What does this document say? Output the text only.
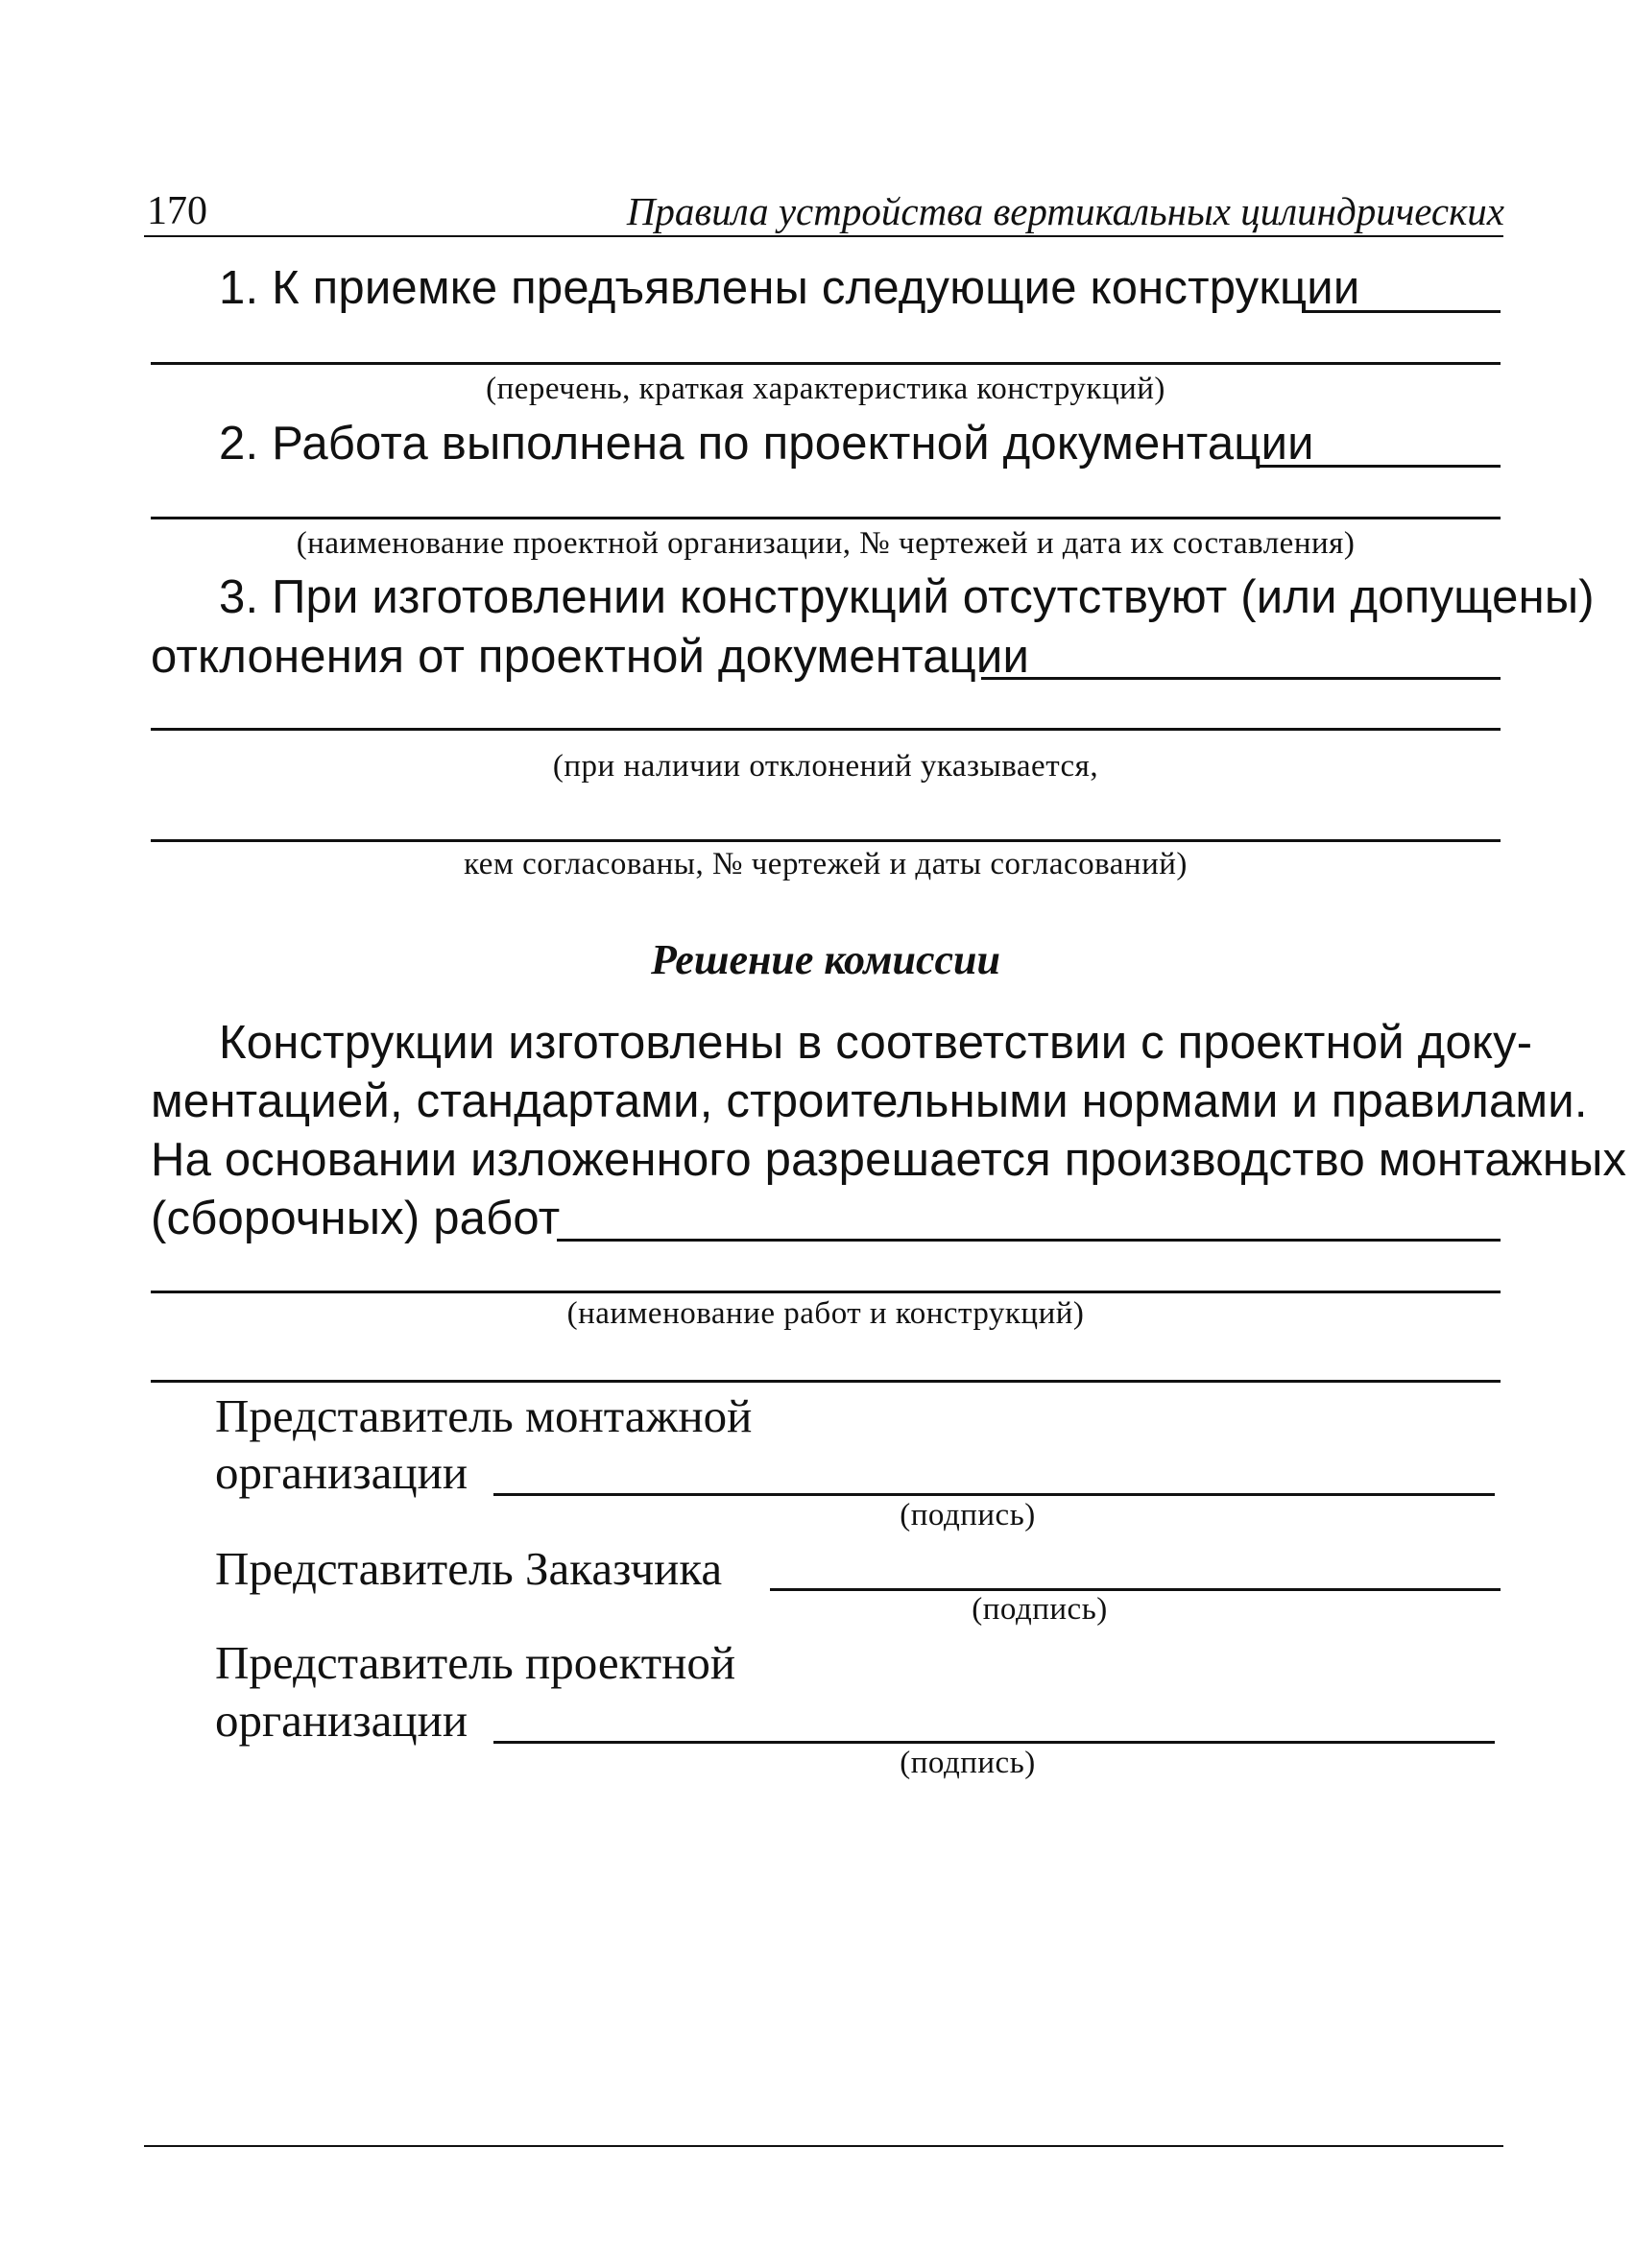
170	Правила устройства вертикальных цилиндрических
1. К приемке предъявлены следующие конструкции
(перечень, краткая характеристика конструкций)
2. Работа выполнена по проектной документации
(наименование проектной организации, № чертежей и дата их составления)
3. При изготовлении конструкций отсутствуют (или допущены)
отклонения от проектной документации
(при наличии отклонений указывается,
кем согласованы, № чертежей и даты согласований)
Решение комиссии
Конструкции изготовлены в соответствии с проектной доку-
ментацией, стандартами, строительными нормами и правилами.
На основании изложенного разрешается производство монтажных
(сборочных) работ
(наименование работ и конструкций)
Представитель монтажной
организации
(подпись)
Представитель Заказчика
(подпись)
Представитель проектной
организации
(подпись)
